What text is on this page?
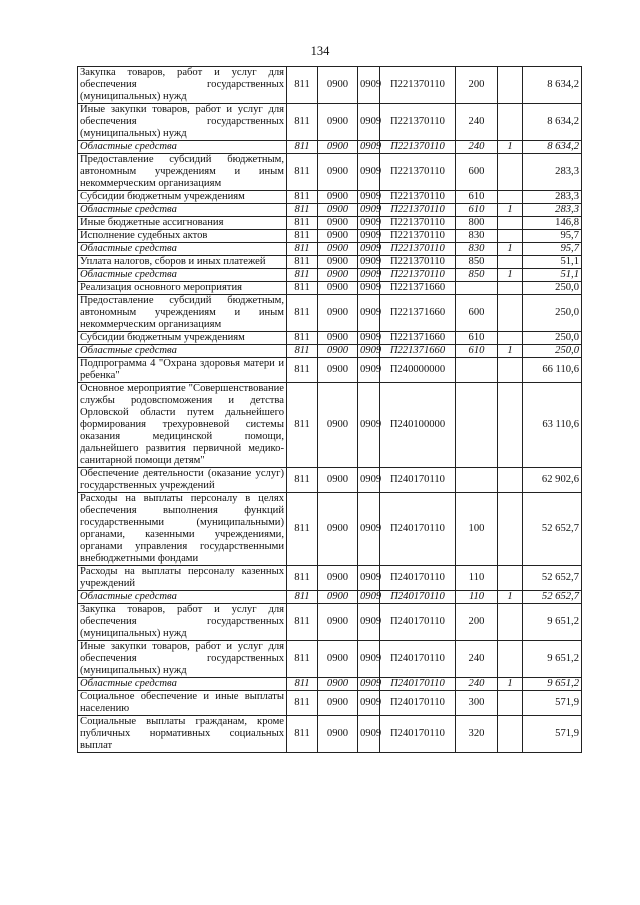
134
Закупка товаров, работ и услуг для обеспечения государственных (муниципальных) нужд	811	0900	0909	П221370110	200		8 634,2
Иные закупки товаров, работ и услуг для обеспечения государственных (муниципальных) нужд	811	0900	0909	П221370110	240		8 634,2
Областные средства	811	0900	0909	П221370110	240	1	8 634,2
Предоставление субсидий бюджетным, автономным учреждениям и иным некоммерческим организациям	811	0900	0909	П221370110	600		283,3
Субсидии бюджетным учреждениям	811	0900	0909	П221370110	610		283,3
Областные средства	811	0900	0909	П221370110	610	1	283,3
Иные бюджетные ассигнования	811	0900	0909	П221370110	800		146,8
Исполнение судебных актов	811	0900	0909	П221370110	830		95,7
Областные средства	811	0900	0909	П221370110	830	1	95,7
Уплата налогов, сборов и иных платежей	811	0900	0909	П221370110	850		51,1
Областные средства	811	0900	0909	П221370110	850	1	51,1
Реализация основного мероприятия	811	0900	0909	П221371660			250,0
Предоставление субсидий бюджетным, автономным учреждениям и иным некоммерческим организациям	811	0900	0909	П221371660	600		250,0
Субсидии бюджетным учреждениям	811	0900	0909	П221371660	610		250,0
Областные средства	811	0900	0909	П221371660	610	1	250,0
Подпрограмма 4 "Охрана здоровья матери и ребенка"	811	0900	0909	П240000000			66 110,6
Основное мероприятие "Совершенствование службы родовспоможения и детства Орловской области путем дальнейшего формирования трехуровневой системы оказания медицинской помощи, дальнейшего развития первичной медико-санитарной помощи детям"	811	0900	0909	П240100000			63 110,6
Обеспечение деятельности (оказание услуг) государственных учреждений	811	0900	0909	П240170110			62 902,6
Расходы на выплаты персоналу в целях обеспечения выполнения функций государственными (муниципальными) органами, казенными учреждениями, органами управления государственными внебюджетными фондами	811	0900	0909	П240170110	100		52 652,7
Расходы на выплаты персоналу казенных учреждений	811	0900	0909	П240170110	110		52 652,7
Областные средства	811	0900	0909	П240170110	110	1	52 652,7
Закупка товаров, работ и услуг для обеспечения государственных (муниципальных) нужд	811	0900	0909	П240170110	200		9 651,2
Иные закупки товаров, работ и услуг для обеспечения государственных (муниципальных) нужд	811	0900	0909	П240170110	240		9 651,2
Областные средства	811	0900	0909	П240170110	240	1	9 651,2
Социальное обеспечение и иные выплаты населению	811	0900	0909	П240170110	300		571,9
Социальные выплаты гражданам, кроме публичных нормативных социальных выплат	811	0900	0909	П240170110	320		571,9
